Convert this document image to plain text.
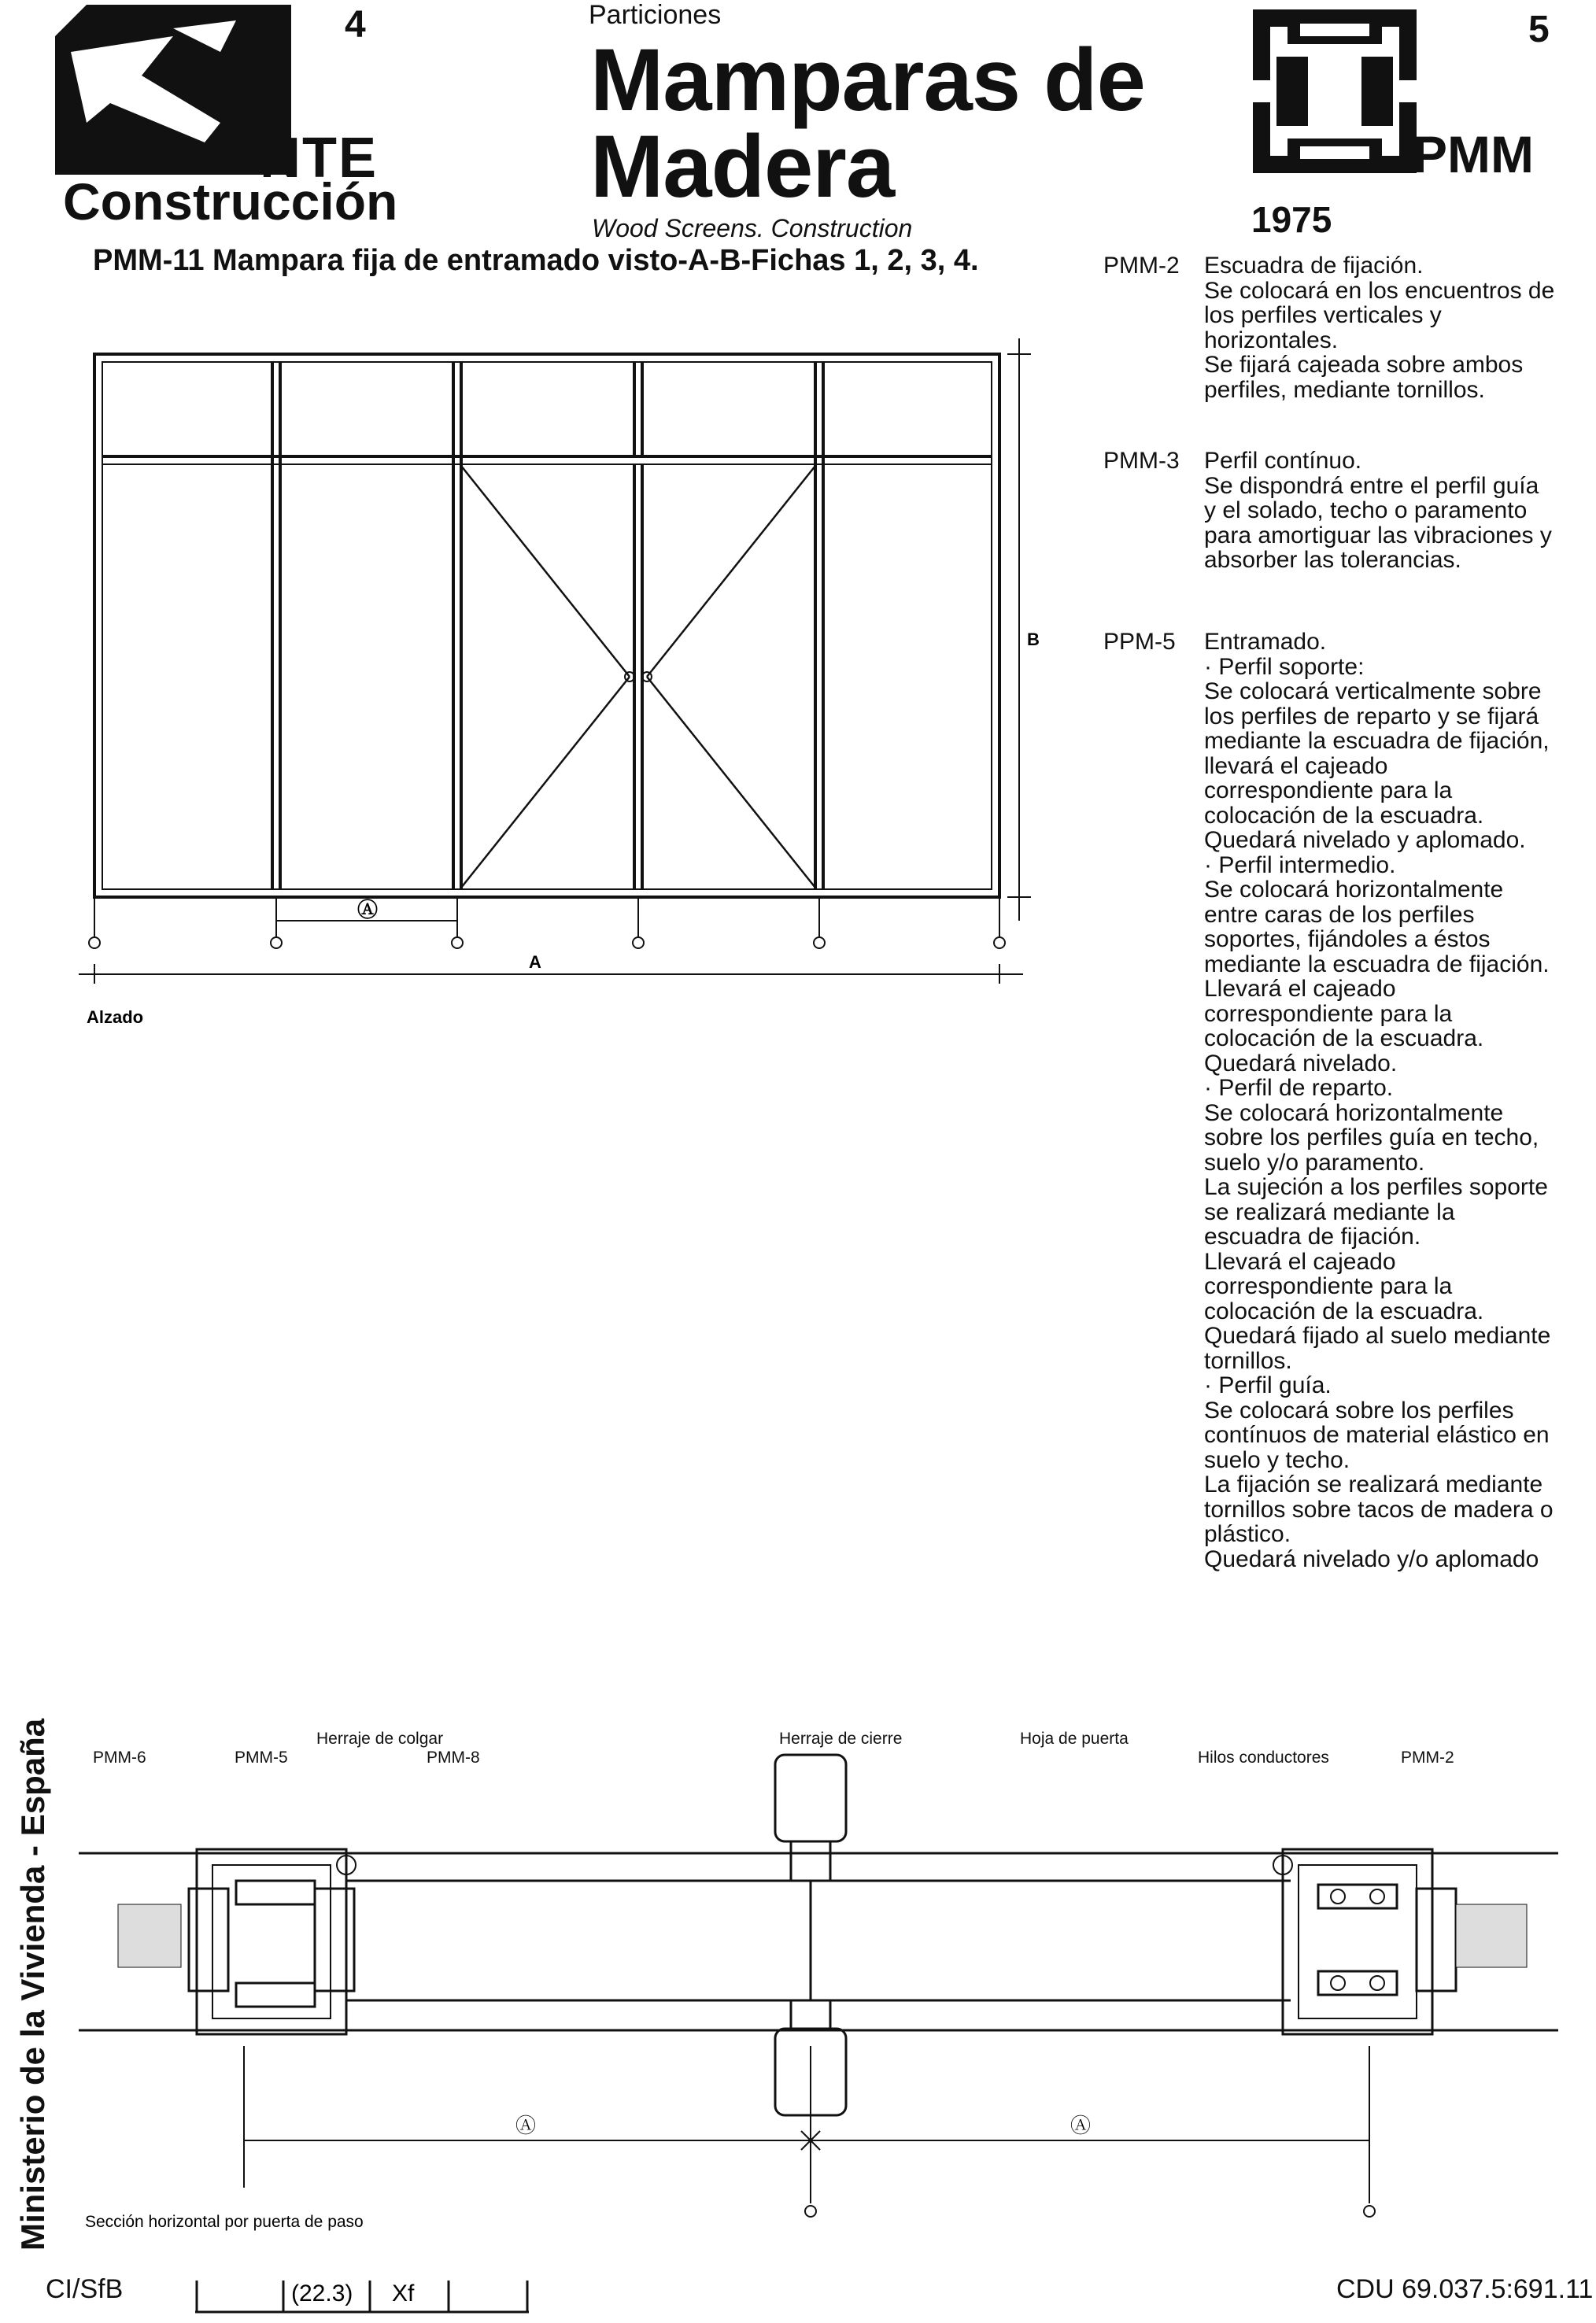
4
NTE
Construcción
Particiones
Mamparas de
Madera
Wood Screens. Construction
PMM-11 Mampara fija de entramado visto-A-B-Fichas 1, 2, 3, 4.
5
PMM
1975
PMM-2	Escuadra de fijación.
Se colocará en los encuentros de los perfiles verticales y horizontales.
Se fijará cajeada sobre ambos perfiles, mediante tornillos.
PMM-3	Perfil contínuo.
Se dispondrá entre el perfil guía y el solado, techo o paramento para amortiguar las vibraciones y absorber las tolerancias.
PPM-5	Entramado.
· Perfil soporte:
Se colocará verticalmente sobre los perfiles de reparto y se fijará mediante la escuadra de fijación, llevará el cajeado correspondiente para la colocación de la escuadra.
Quedará nivelado y aplomado.
· Perfil intermedio.
Se colocará horizontalmente entre caras de los perfiles soportes, fijándoles a éstos mediante la escuadra de fijación.
Llevará el cajeado correspondiente para la colocación de la escuadra.
Quedará nivelado.
· Perfil de reparto.
Se colocará horizontalmente sobre los perfiles guía en techo, suelo y/o paramento.
La sujeción a los perfiles soporte se realizará mediante la escuadra de fijación.
Llevará el cajeado correspondiente para la colocación de la escuadra.
Quedará fijado al suelo mediante tornillos.
· Perfil guía.
Se colocará sobre los perfiles contínuos de material elástico en suelo y techo.
La fijación se realizará mediante tornillos sobre tacos de madera o plástico.
Quedará nivelado y/o aplomado
B
Ⓐ
A
Alzado
PMM-6	PMM-5
Herraje de colgar
PMM-8
Herraje de cierre	Hoja de puerta
Hilos conductores	PMM-2
Ⓐ	Ⓐ
Sección horizontal por puerta de paso
Ministerio de la Vivienda - España
CI/SfB	(22.3) Xf	CDU 69.037.5:691.11
